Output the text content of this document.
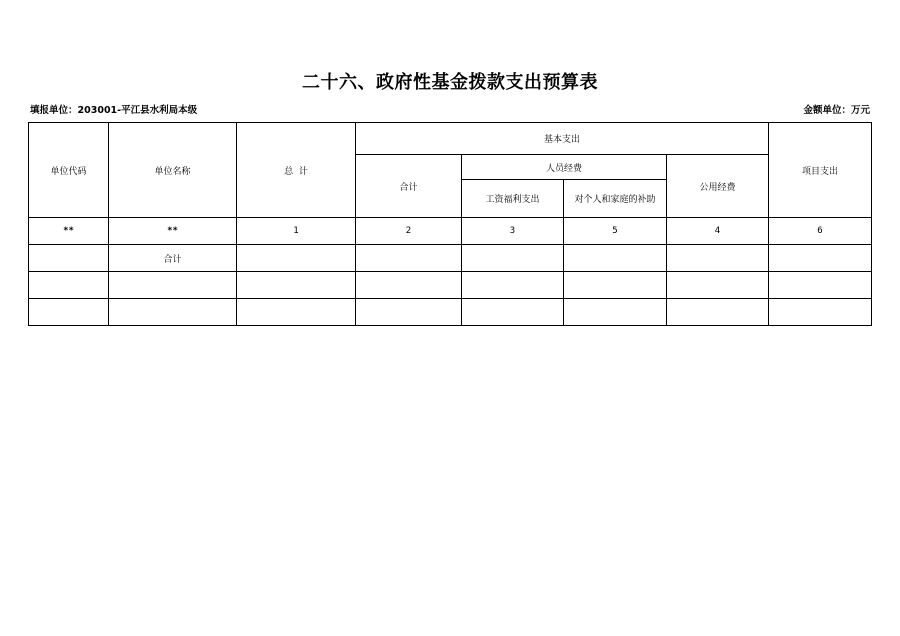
二十六、政府性基金拨款支出预算表
填报单位：203001-平江县水利局本级	金额单位：万元
单位代码	单位名称	总  计	基本支出				项目支出
			合计	人员经费		公用经费	
				工资福利支出	对个人和家庭的补助		
**	**	1	2	3	5	4	6
	合计						
